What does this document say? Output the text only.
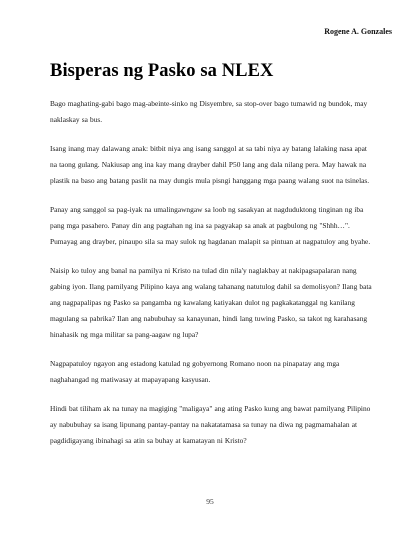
Rogene A. Gonzales
Bisperas ng Pasko sa NLEX

Bago maghating-gabi bago mag-abeinte-sinko ng Disyembre, sa stop-over bago tumawid ng bundok, may naklaskay sa bus.

Isang inang may dalawang anak: bitbit niya ang isang sanggol at sa tabi niya ay batang lalaking nasa apat na taong gulang. Nakiusap ang ina kay mang drayber dahil P50 lang ang dala nilang pera. May hawak na plastik na baso ang batang paslit na may dungis mula pisngi hanggang mga paang walang suot na tsinelas.

Panay ang sanggol sa pag-iyak na umalingawngaw sa loob ng sasakyan at nagduduktong tinginan ng iba pang mga pasahero. Panay din ang pagtahan ng ina sa pagyakap sa anak at pagbulong ng "Shhh…". Pumayag ang drayber, pinaupo sila sa may sulok ng hagdanan malapit sa pintuan at nagpatuloy ang byahe.

Naisip ko tuloy ang banal na pamilya ni Kristo na tulad din nila'y naglakbay at nakipagsapalaran nang gabing iyon. Ilang pamilyang Pilipino kaya ang walang tahanang natutulog dahil sa demolisyon? Ilang bata ang nagpapalipas ng Pasko sa pangamba ng kawalang katiyakan dulot ng pagkakatanggal ng kanilang magulang sa pabrika? Ilan ang nabubuhay sa kanayunan, hindi lang tuwing Pasko, sa takot ng karahasang hinahasik ng mga militar sa pang-aagaw ng lupa?

Nagpapatuloy ngayon ang estadong katulad ng gobyernong Romano noon na pinapatay ang mga naghahangad ng matiwasay at mapayapang kasyusan.

Hindi bat tiliham ak na tunay na magiging "maligaya" ang ating Pasko kung ang bawat pamilyang Pilipino ay nabubuhay sa isang lipunang pantay-pantay na nakatatamasa sa tunay na diwa ng pagmamahalan at pagdidigayang ibinahagi sa atin sa buhay at kamatayan ni Kristo?

95
